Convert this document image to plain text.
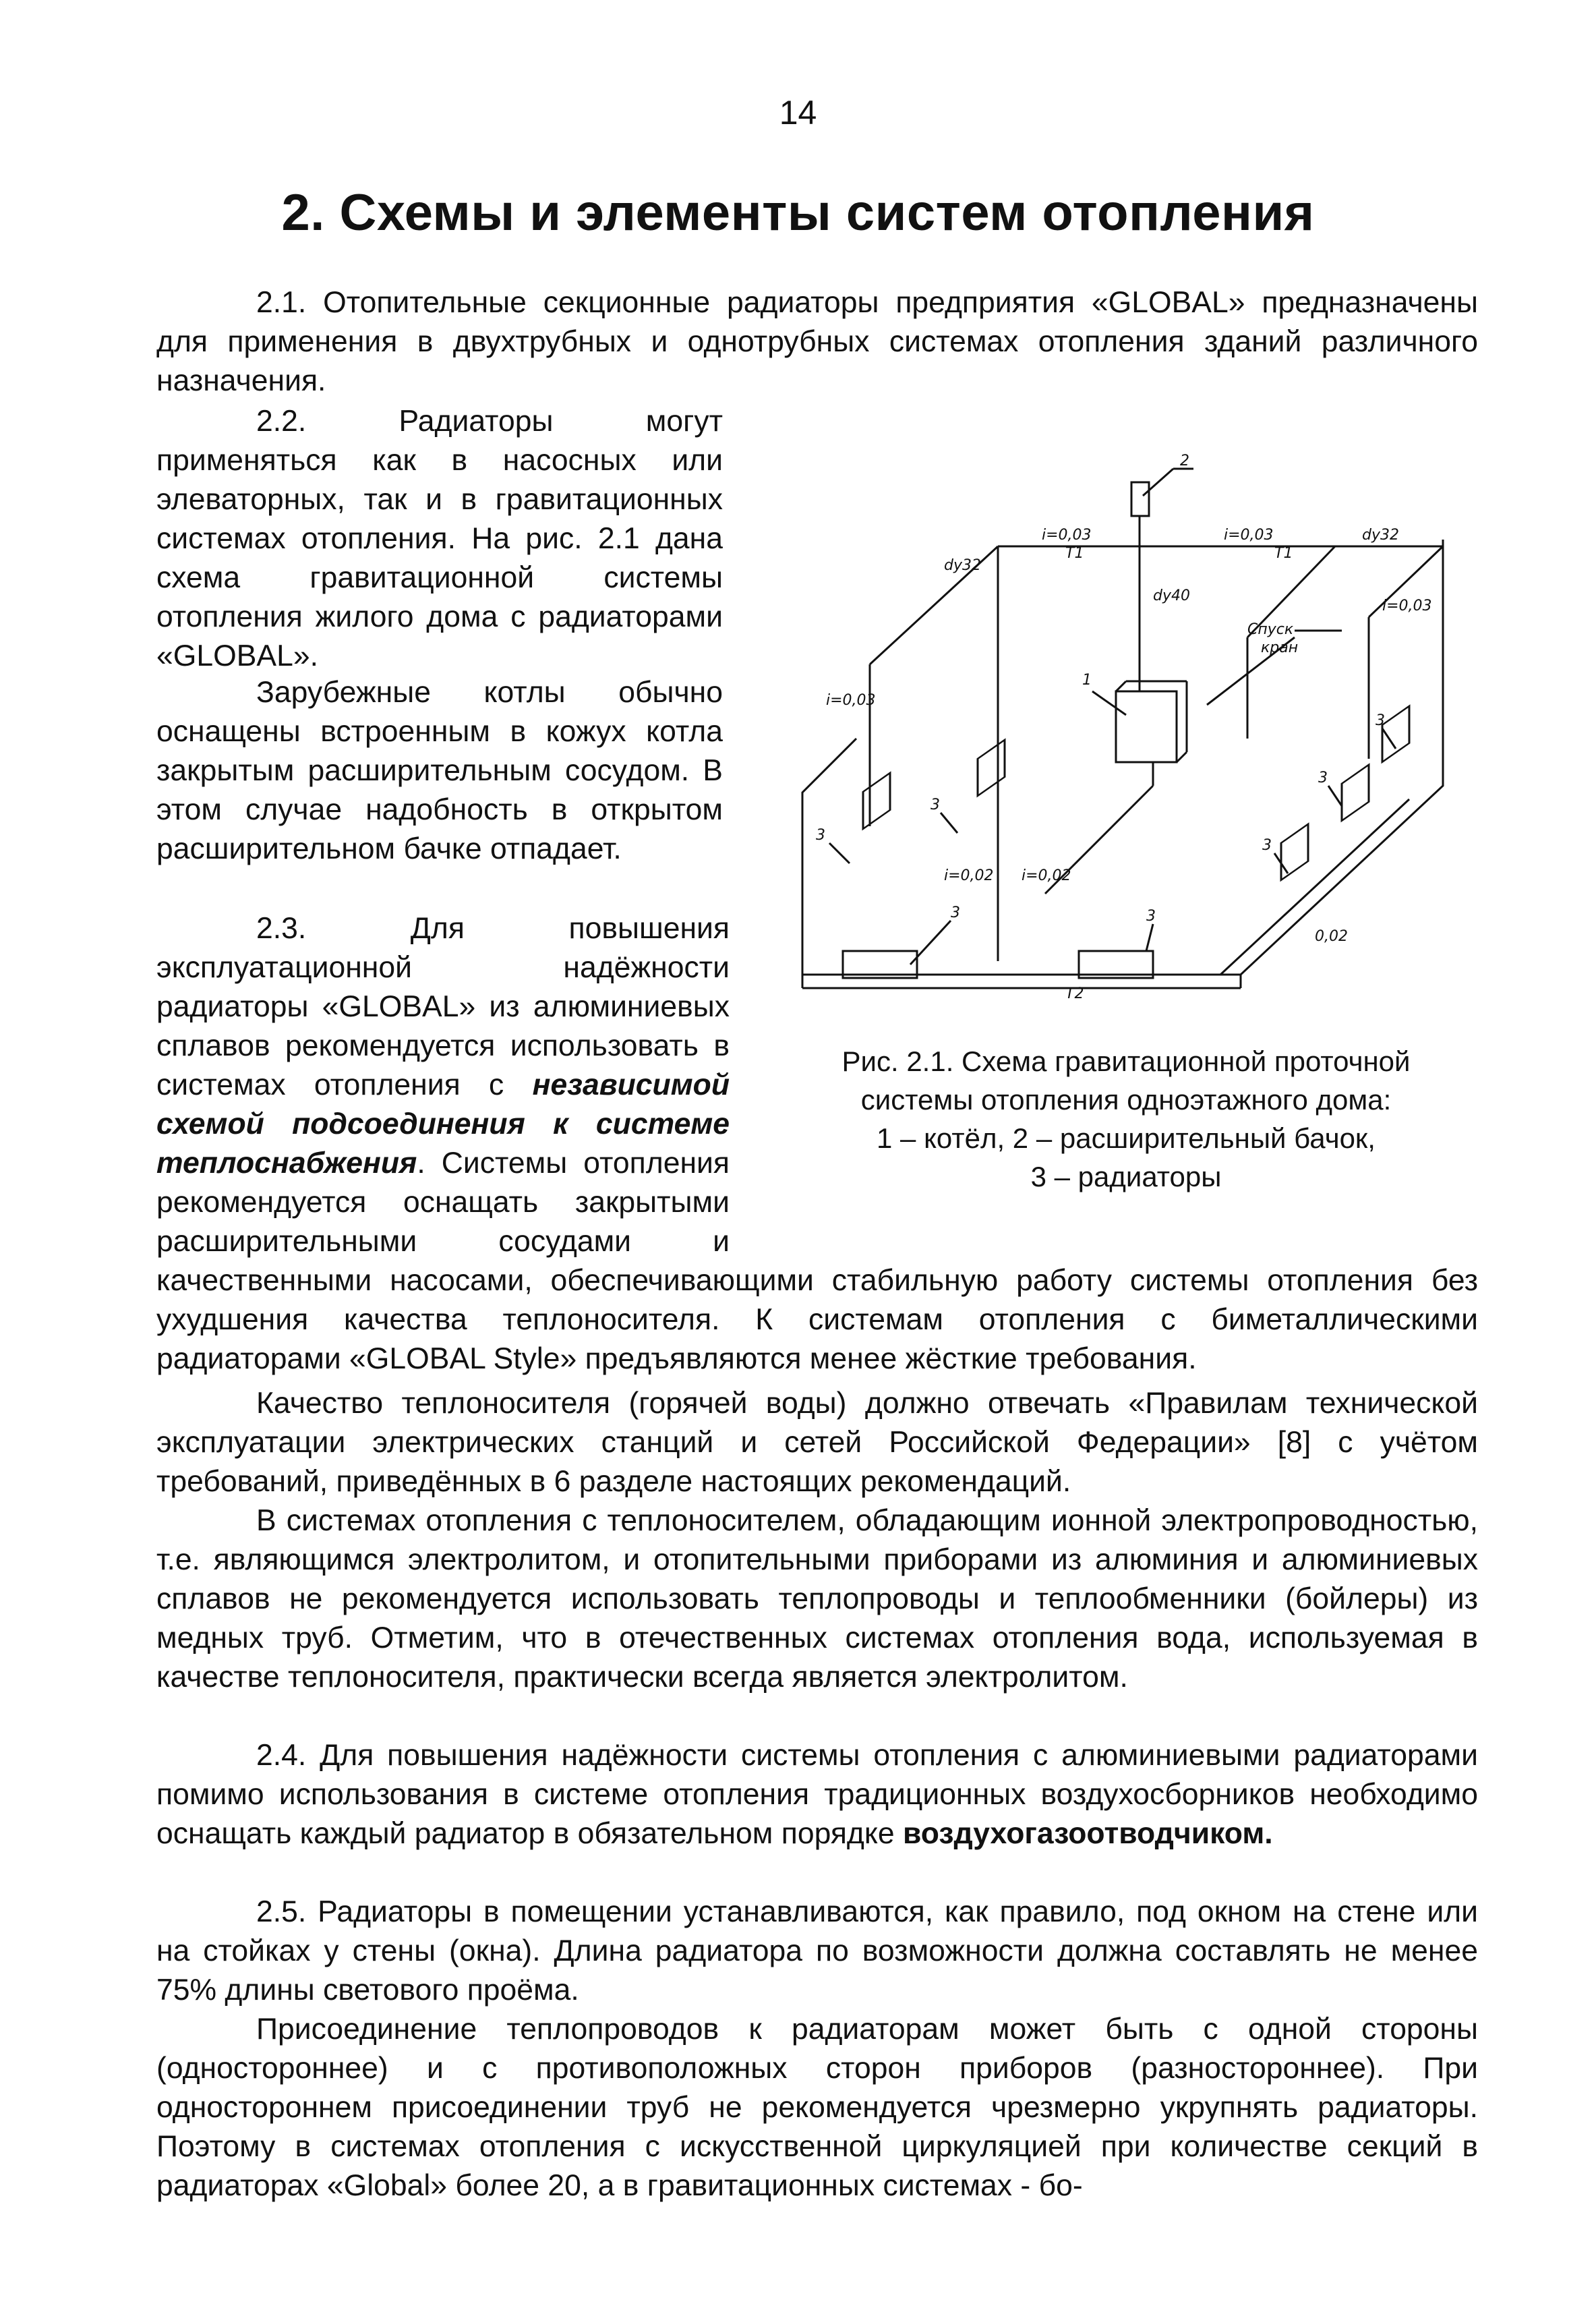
14
2. Схемы и элементы систем отопления

2.1. Отопительные секционные радиаторы предприятия «GLOBAL» предназначены для применения в двухтрубных и однотрубных системах отопления зданий различного назначения.

2.2. Радиаторы могут применяться как в насосных или элеваторных, так и в гравитационных системах отопления. На рис. 2.1 дана схема гравитационной системы отопления жилого дома с радиаторами «GLOBAL».

Зарубежные котлы обычно оснащены встроенным в кожух котла закрытым расширительным сосудом. В этом случае надобность в открытом расширительном бачке отпадает.

2.3. Для повышения эксплуатационной надёжности радиаторы «GLOBAL» из алюминиевых сплавов рекомендуется использовать в системах отопления с независимой схемой подсоединения к системе теплоснабжения. Системы отопления рекомендуется оснащать закрытыми расширительными сосудами и качественными насосами, обеспечивающими стабильную работу системы отопления без ухудшения качества теплоносителя. К системам отопления с биметаллическими радиаторами «GLOBAL Style» предъявляются менее жёсткие требования.

Качество теплоносителя (горячей воды) должно отвечать «Правилам технической эксплуатации электрических станций и сетей Российской Федерации» [8] с учётом требований, приведённых в 6 разделе настоящих рекомендаций.

В системах отопления с теплоносителем, обладающим ионной электропроводностью, т.е. являющимся электролитом, и отопительными приборами из алюминия и алюминиевых сплавов не рекомендуется использовать теплопроводы и теплообменники (бойлеры) из медных труб. Отметим, что в отечественных системах отопления вода, используемая в качестве теплоносителя, практически всегда является электролитом.

2.4. Для повышения надёжности системы отопления с алюминиевыми радиаторами помимо использования в системе отопления традиционных воздухосборников необходимо оснащать каждый радиатор в обязательном порядке воздухогазоотводчиком.

2.5. Радиаторы в помещении устанавливаются, как правило, под окном на стене или на стойках у стены (окна). Длина радиатора по возможности должна составлять не менее 75% длины светового проёма.

Присоединение теплопроводов к радиаторам может быть с одной стороны (одностороннее) и с противоположных сторон приборов (разностороннее). При одностороннем присоединении труб не рекомендуется чрезмерно укрупнять радиаторы. Поэтому в системах отопления с искусственной циркуляцией при количестве секций в радиаторах «Global» более 20, а в гравитационных системах - бо-

1
2
3
3
3	3
3
3
3
i=0,03	i=0,03
T1	T1
dу32
dу32
dу40
Спуск
кран
T2
i=0,02 i=0,02
0,02
i=0,03
i=0,03
Рис. 2.1. Схема гравитационной проточной
системы отопления одноэтажного дома:
1 – котёл, 2 – расширительный бачок,
3 – радиаторы
